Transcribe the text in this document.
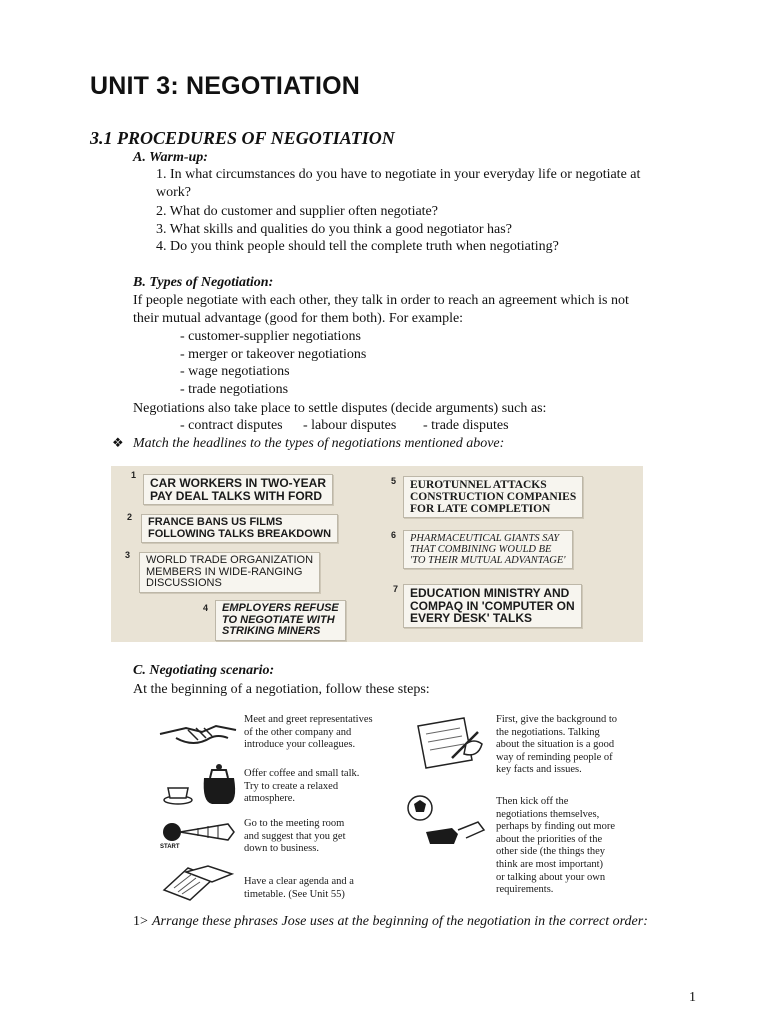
UNIT 3: NEGOTIATION
3.1 PROCEDURES OF NEGOTIATION
A. Warm-up:
1. In what circumstances do you have to negotiate in your everyday life or negotiate at
work?
2. What do customer and supplier often negotiate?
3. What skills and qualities do you think a good negotiator has?
4. Do you think people should tell the complete truth when negotiating?
B. Types of Negotiation:
If people negotiate with each other, they talk in order to reach an agreement which is not
their mutual advantage (good for them both). For example:
- customer-supplier negotiations
- merger or takeover negotiations
- wage negotiations
- trade negotiations
Negotiations also take place to settle disputes (decide arguments) such as:
- contract disputes - labour disputes - trade disputes
❖ Match the headlines to the types of negotiations mentioned above:
1
CAR WORKERS IN TWO-YEAR
PAY DEAL TALKS WITH FORD
2 FRANCE BANS US FILMS
FOLLOWING TALKS BREAKDOWN
3 WORLD TRADE ORGANIZATION
MEMBERS IN WIDE-RANGING
DISCUSSIONS
4 EMPLOYERS REFUSE
TO NEGOTIATE WITH
STRIKING MINERS
5 EUROTUNNEL ATTACKS
CONSTRUCTION COMPANIES
FOR LATE COMPLETION
6 PHARMACEUTICAL GIANTS SAY
THAT COMBINING WOULD BE
'TO THEIR MUTUAL ADVANTAGE'
7 EDUCATION MINISTRY AND
COMPAQ IN 'COMPUTER ON
EVERY DESK' TALKS
C. Negotiating scenario:
At the beginning of a negotiation, follow these steps:
Meet and greet representatives
of the other company and
introduce your colleagues.
Offer coffee and small talk.
Try to create a relaxed
atmosphere.
START
Go to the meeting room
and suggest that you get
down to business.
Have a clear agenda and a
timetable. (See Unit 55)
First, give the background to
the negotiations. Talking
about the situation is a good
way of reminding people of
key facts and issues.
Then kick off the
negotiations themselves,
perhaps by finding out more
about the priorities of the
other side (the things they
think are most important)
or talking about your own
requirements.
1> Arrange these phrases Jose uses at the beginning of the negotiation in the correct order:
1
